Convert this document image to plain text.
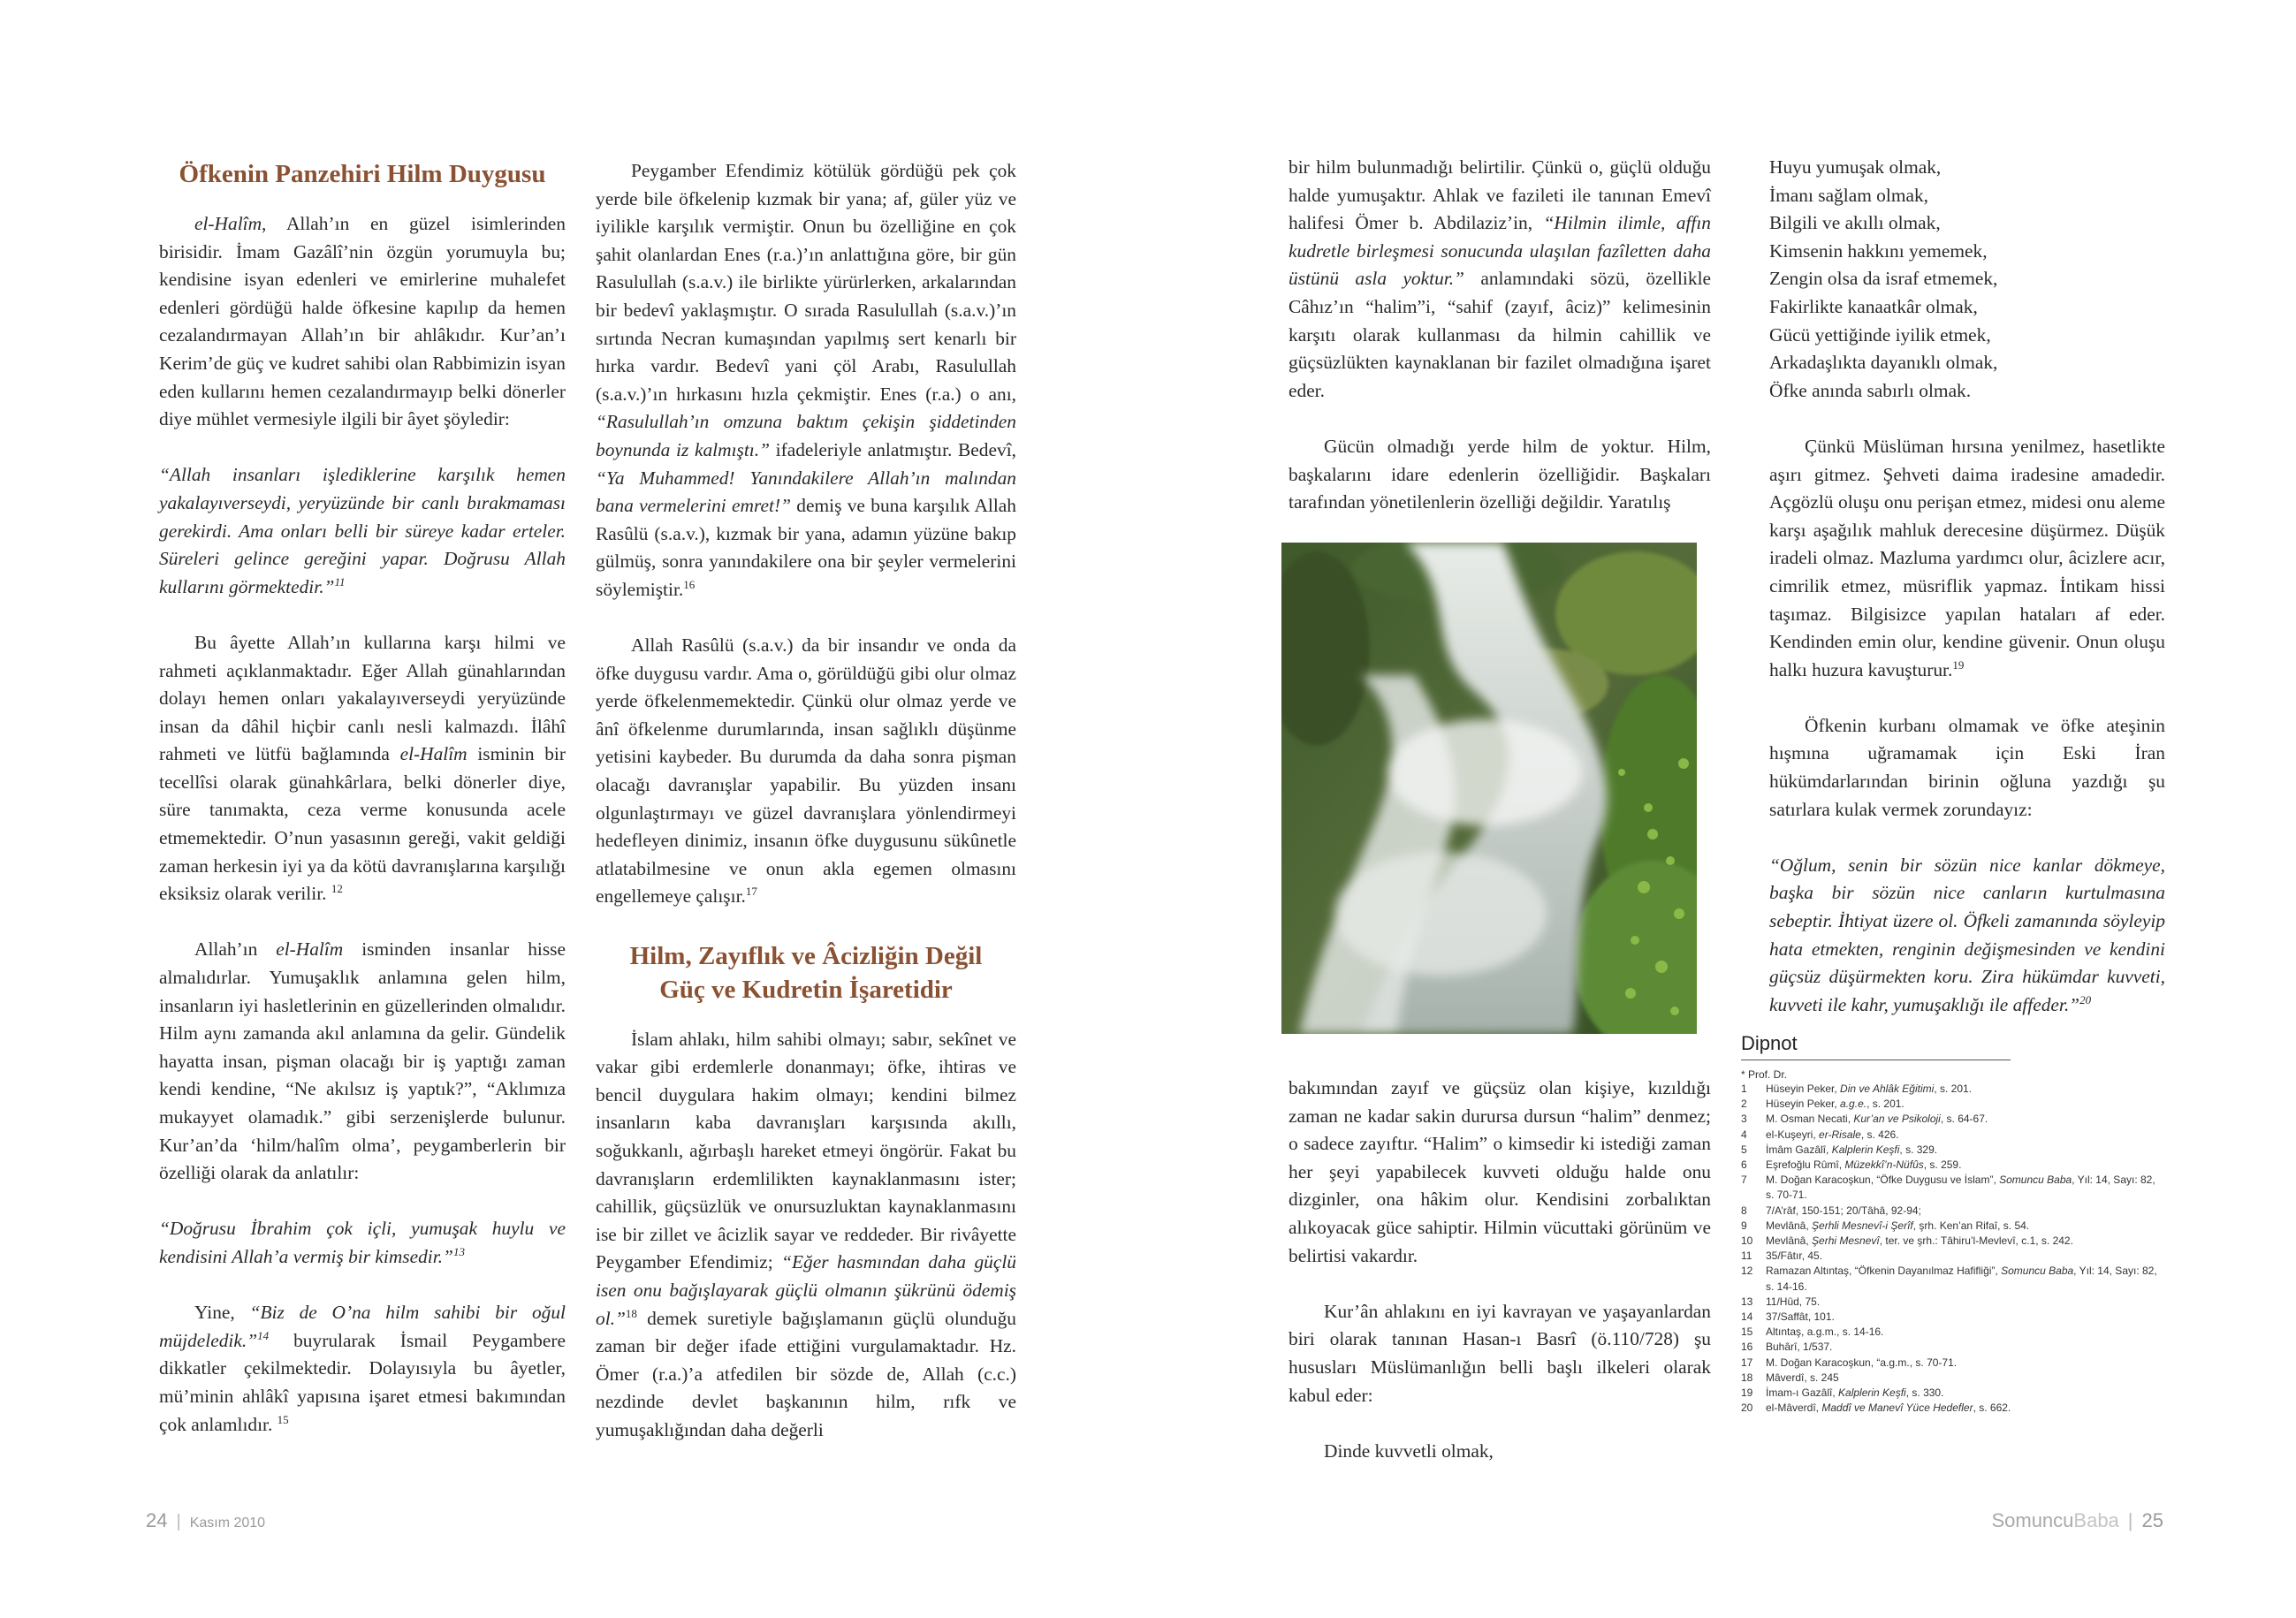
Öfkenin Panzehiri Hilm Duygusu

el-Halîm, Allah’ın en güzel isimlerinden birisidir. İmam Gazâlî’nin özgün yorumuyla bu; kendisine isyan edenleri ve emirlerine muhalefet edenleri gördüğü halde öfkesine kapılıp da hemen cezalandırmayan Allah’ın bir ahlâkıdır. Kur’an’ı Kerim’de güç ve kudret sahibi olan Rabbimizin isyan eden kullarını hemen cezalandırmayıp belki dönerler diye mühlet vermesiyle ilgili bir âyet şöyledir:

“Allah insanları işlediklerine karşılık hemen yakalayıverseydi, yeryüzünde bir canlı bırakmaması gerekirdi. Ama onları belli bir süreye kadar erteler. Süreleri gelince gereğini yapar. Doğrusu Allah kullarını görmektedir.”$^{11}$

Bu âyette Allah’ın kullarına karşı hilmi ve rahmeti açıklanmaktadır. Eğer Allah günahlarından dolayı hemen onları yakalayıverseydi yeryüzünde insan da dâhil hiçbir canlı nesli kalmazdı. İlâhî rahmeti ve lütfü bağlamında el-Halîm isminin bir tecellîsi olarak günahkârlara, belki dönerler diye, süre tanımakta, ceza verme konusunda acele etmemektedir. O’nun yasasının gereği, vakit geldiği zaman herkesin iyi ya da kötü davranışlarına karşılığı eksiksiz olarak verilir. $^{12}$

Allah’ın el-Halîm isminden insanlar hisse almalıdırlar. Yumuşaklık anlamına gelen hilm, insanların iyi hasletlerinin en güzellerinden olmalıdır. Hilm aynı zamanda akıl anlamına da gelir. Gündelik hayatta insan, pişman olacağı bir iş yaptığı zaman kendi kendine, “Ne akılsız iş yaptık?”, “Aklımıza mukayyet olamadık.” gibi serzenişlerde bulunur. Kur’an’da ‘hilm/halîm olma’, peygamberlerin bir özelliği olarak da anlatılır:

“Doğrusu İbrahim çok içli, yumuşak huylu ve kendisini Allah’a vermiş bir kimsedir.”$^{13}$

Yine, “Biz de O’na hilm sahibi bir oğul müjdeledik.”$^{14}$ buyrularak İsmail Peygambere dikkatler çekilmektedir. Dolayısıyla bu âyetler, mü’minin ahlâkî yapısına işaret etmesi bakımından çok anlamlıdır. $^{15}$

Peygamber Efendimiz kötülük gördüğü pek çok yerde bile öfkelenip kızmak bir yana; af, güler yüz ve iyilikle karşılık vermiştir. Onun bu özelliğine en çok şahit olanlardan Enes (r.a.)’ın anlattığına göre, bir gün Rasulullah (s.a.v.) ile birlikte yürürlerken, arkalarından bir bedevî yaklaşmıştır. O sırada Rasulullah (s.a.v.)’ın sırtında Necran kumaşından yapılmış sert kenarlı bir hırka vardır. Bedevî yani çöl Arabı, Rasulullah (s.a.v.)’ın hırkasını hızla çekmiştir. Enes (r.a.) o anı, “Rasulullah’ın omzuna baktım çekişin şiddetinden boynunda iz kalmıştı.” ifadeleriyle anlatmıştır. Bedevî, “Ya Muhammed! Yanındakilere Allah’ın malından bana vermelerini emret!” demiş ve buna karşılık Allah Rasûlü (s.a.v.), kızmak bir yana, adamın yüzüne bakıp gülmüş, sonra yanındakilere ona bir şeyler vermelerini söylemiştir.$^{16}$

Allah Rasûlü (s.a.v.) da bir insandır ve onda da öfke duygusu vardır. Ama o, görüldüğü gibi olur olmaz yerde öfkelenmemektedir. Çünkü olur olmaz yerde ve ânî öfkelenme durumlarında, insan sağlıklı düşünme yetisini kaybeder. Bu durumda da daha sonra pişman olacağı davranışlar yapabilir. Bu yüzden insanı olgunlaştırmayı ve güzel davranışlara yönlendirmeyi hedefleyen dinimiz, insanın öfke duygusunu sükûnetle atlatabilmesine ve onun akla egemen olmasını engellemeye çalışır.$^{17}$

Hilm, Zayıflık ve Âcizliğin Değil
Güç ve Kudretin İşaretidir

İslam ahlakı, hilm sahibi olmayı; sabır, sekînet ve vakar gibi erdemlerle donanmayı; öfke, ihtiras ve bencil duygulara hakim olmayı; kendini bilmez insanların kaba davranışları karşısında akıllı, soğukkanlı, ağırbaşlı hareket etmeyi öngörür. Fakat bu davranışların erdemlilikten kaynaklanmasını ister; cahillik, güçsüzlük ve onursuzluktan kaynaklanmasını ise bir zillet ve âcizlik sayar ve reddeder. Bir rivâyette Peygamber Efendimiz; “Eğer hasmından daha güçlü isen onu bağışlayarak güçlü olmanın şükrünü ödemiş ol.”$^{18}$ demek suretiyle bağışlamanın güçlü olunduğu zaman bir değer ifade ettiğini vurgulamaktadır. Hz. Ömer (r.a.)’a atfedilen bir sözde de, Allah (c.c.) nezdinde devlet başkanının hilm, rıfk ve yumuşaklığından daha değerli

24 | Kasım 2010

bir hilm bulunmadığı belirtilir. Çünkü o, güçlü olduğu halde yumuşaktır. Ahlak ve fazileti ile tanınan Emevî halifesi Ömer b. Abdilaziz’in, “Hilmin ilimle, affın kudretle birleşmesi sonucunda ulaşılan fazîletten daha üstünü asla yoktur.” anlamındaki sözü, özellikle Câhız’ın “halim”i, “sahif (zayıf, âciz)” kelimesinin karşıtı olarak kullanması da hilmin cahillik ve güçsüzlükten kaynaklanan bir fazilet olmadığına işaret eder.

Gücün olmadığı yerde hilm de yoktur. Hilm, başkalarını idare edenlerin özelliğidir. Başkaları tarafından yönetilenlerin özelliği değildir. Yaratılış

bakımından zayıf ve güçsüz olan kişiye, kızıldığı zaman ne kadar sakin durursa dursun “halim” denmez; o sadece zayıftır. “Halim” o kimsedir ki istediği zaman her şeyi yapabilecek kuvveti olduğu halde onu dizginler, ona hâkim olur. Kendisini zorbalıktan alıkoyacak güce sahiptir. Hilmin vücuttaki görünüm ve belirtisi vakardır.

Kur’ân ahlakını en iyi kavrayan ve yaşayanlardan biri olarak tanınan Hasan-ı Basrî (ö.110/728) şu hususları Müslümanlığın belli başlı ilkeleri olarak kabul eder:

Dinde kuvvetli olmak,

Huyu yumuşak olmak,
İmanı sağlam olmak,
Bilgili ve akıllı olmak,
Kimsenin hakkını yememek,
Zengin olsa da israf etmemek,
Fakirlikte kanaatkâr olmak,
Gücü yettiğinde iyilik etmek,
Arkadaşlıkta dayanıklı olmak,
Öfke anında sabırlı olmak.

Çünkü Müslüman hırsına yenilmez, hasetlikte aşırı gitmez. Şehveti daima iradesine amadedir. Açgözlü oluşu onu perişan etmez, midesi onu aleme karşı aşağılık mahluk derecesine düşürmez. Düşük iradeli olmaz. Mazluma yardımcı olur, âcizlere acır, cimrilik etmez, müsriflik yapmaz. İntikam hissi taşımaz. Bilgisizce yapılan hataları af eder. Kendinden emin olur, kendine güvenir. Onun oluşu halkı huzura kavuşturur.$^{19}$

Öfkenin kurbanı olmamak ve öfke ateşinin hışmına uğramamak için Eski İran hükümdarlarından birinin oğluna yazdığı şu satırlara kulak vermek zorundayız:

“Oğlum, senin bir sözün nice kanlar dökmeye, başka bir sözün nice canların kurtulmasına sebeptir. İhtiyat üzere ol. Öfkeli zamanında söyleyip hata etmekten, renginin değişmesinden ve kendini güçsüz düşürmekten koru. Zira hükümdar kuvveti, kuvveti ile kahr, yumuşaklığı ile affeder.”$^{20}$

Dipnot
* Prof. Dr.
1	Hüseyin Peker, Din ve Ahlâk Eğitimi, s. 201.
2	Hüseyin Peker, a.g.e., s. 201.
3	M. Osman Necati, Kur’an ve Psikoloji, s. 64-67.
4	el-Kuşeyri, er-Risale, s. 426.
5	İmâm Gazâlî, Kalplerin Keşfi, s. 329.
6	Eşrefoğlu Rûmî, Müzekkî’n-Nüfûs, s. 259.
7	M. Doğan Karacoşkun, “Öfke Duygusu ve İslam”, Somuncu Baba, Yıl: 14, Sayı: 82, s. 70-71.
8	7/A’râf, 150-151; 20/Tâhâ, 92-94;
9	Mevlânâ, Şerhli Mesnevî-i Şerîf, şrh. Ken’an Rifaî, s. 54.
10	Mevlânâ, Şerhi Mesnevî, ter. ve şrh.: Tâhiru’l-Mevlevî, c.1, s. 242.
11	35/Fâtır, 45.
12	Ramazan Altıntaş, “Öfkenin Dayanılmaz Hafifliği”, Somuncu Baba, Yıl: 14, Sayı: 82, s. 14-16.
13	11/Hûd, 75.
14	37/Saffât, 101.
15	Altıntaş, a.g.m., s. 14-16.
16	Buhârî, 1/537.
17	M. Doğan Karacoşkun, “a.g.m., s. 70-71.
18	Mâverdî, s. 245
19	İmam-ı Gazâlî, Kalplerin Keşfi, s. 330.
20	el-Mâverdî, Maddî ve Manevî Yüce Hedefler, s. 662.
SomuncuBaba | 25
